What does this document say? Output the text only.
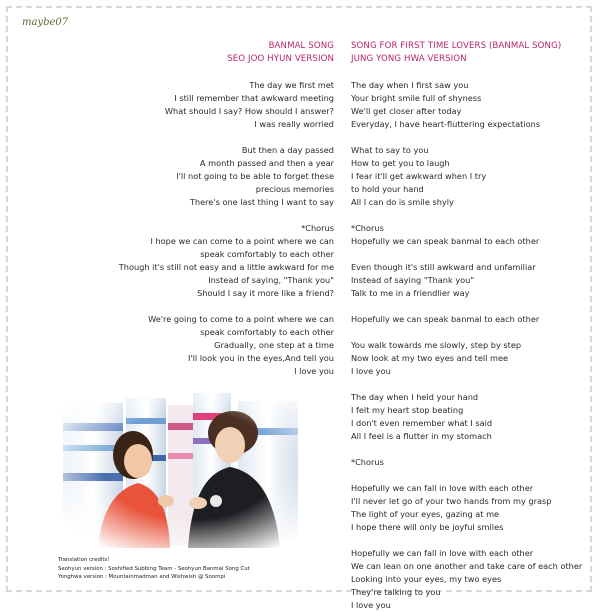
maybe07
BANMAL SONG
SEO JOO HYUN VERSION
The day we first met
I still remember that awkward meeting
What should I say? How should I answer?
I was really worried
But then a day passed
A month passed and then a year
I'll not going to be able to forget these
precious memories
There's one last thing I want to say
*Chorus
I hope we can come to a point where we can
speak comfortably to each other
Though it's still not easy and a little awkward for me
Instead of saying, "Thank you"
Should I say it more like a friend?
We're going to come to a point where we can
speak comfortably to each other
Gradually, one step at a time
I'll look you in the eyes,And tell you
I love you
SONG FOR FIRST TIME LOVERS (BANMAL SONG)
JUNG YONG HWA VERSION
The day when I first saw you
Your bright smile full of shyness
We'll get closer after today
Everyday, I have heart-fluttering expectations
What to say to you
How to get you to laugh
I fear it'll get awkward when I try
to hold your hand
All I can do is smile shyly
*Chorus
Hopefully we can speak banmal to each other
Even though it's still awkward and unfamiliar
Instead of saying "Thank you"
Talk to me in a friendlier way
Hopefully we can speak banmal to each other
You walk towards me slowly, step by step
Now look at my two eyes and tell mee
I love you
The day when I held your hand
I felt my heart stop beating
I don't even remember what I said
All I feel is a flutter in my stomach
*Chorus
Hopefully we can fall in love with each other
I'll never let go of your two hands from my grasp
The light of your eyes, gazing at me
I hope there will only be joyful smiles
Hopefully we can fall in love with each other
We can lean on one another and take care of each other
Looking into your eyes, my two eyes
They're talking to you
I love you
Translation credits!
Seohyun version : Soshified Subbing Team - Seohyun Banmal Song Cut
Yonghwa version : Mountainmadman and Wishwish @ Soompi
